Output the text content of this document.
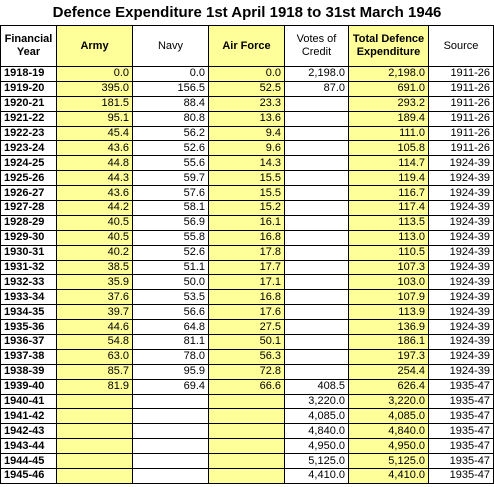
Defence Expenditure 1st April 1918 to 31st March 1946
Financial Year	Army	Navy	Air Force	Votes of Credit	Total Defence Expenditure	Source
1918-19	0.0	0.0	0.0	2,198.0	2,198.0	1911-26
1919-20	395.0	156.5	52.5	87.0	691.0	1911-26
1920-21	181.5	88.4	23.3		293.2	1911-26
1921-22	95.1	80.8	13.6		189.4	1911-26
1922-23	45.4	56.2	9.4		111.0	1911-26
1923-24	43.6	52.6	9.6		105.8	1911-26
1924-25	44.8	55.6	14.3		114.7	1924-39
1925-26	44.3	59.7	15.5		119.4	1924-39
1926-27	43.6	57.6	15.5		116.7	1924-39
1927-28	44.2	58.1	15.2		117.4	1924-39
1928-29	40.5	56.9	16.1		113.5	1924-39
1929-30	40.5	55.8	16.8		113.0	1924-39
1930-31	40.2	52.6	17.8		110.5	1924-39
1931-32	38.5	51.1	17.7		107.3	1924-39
1932-33	35.9	50.0	17.1		103.0	1924-39
1933-34	37.6	53.5	16.8		107.9	1924-39
1934-35	39.7	56.6	17.6		113.9	1924-39
1935-36	44.6	64.8	27.5		136.9	1924-39
1936-37	54.8	81.1	50.1		186.1	1924-39
1937-38	63.0	78.0	56.3		197.3	1924-39
1938-39	85.7	95.9	72.8		254.4	1924-39
1939-40	81.9	69.4	66.6	408.5	626.4	1935-47
1940-41				3,220.0	3,220.0	1935-47
1941-42				4,085.0	4,085.0	1935-47
1942-43				4,840.0	4,840.0	1935-47
1943-44				4,950.0	4,950.0	1935-47
1944-45				5,125.0	5,125.0	1935-47
1945-46				4,410.0	4,410.0	1935-47
